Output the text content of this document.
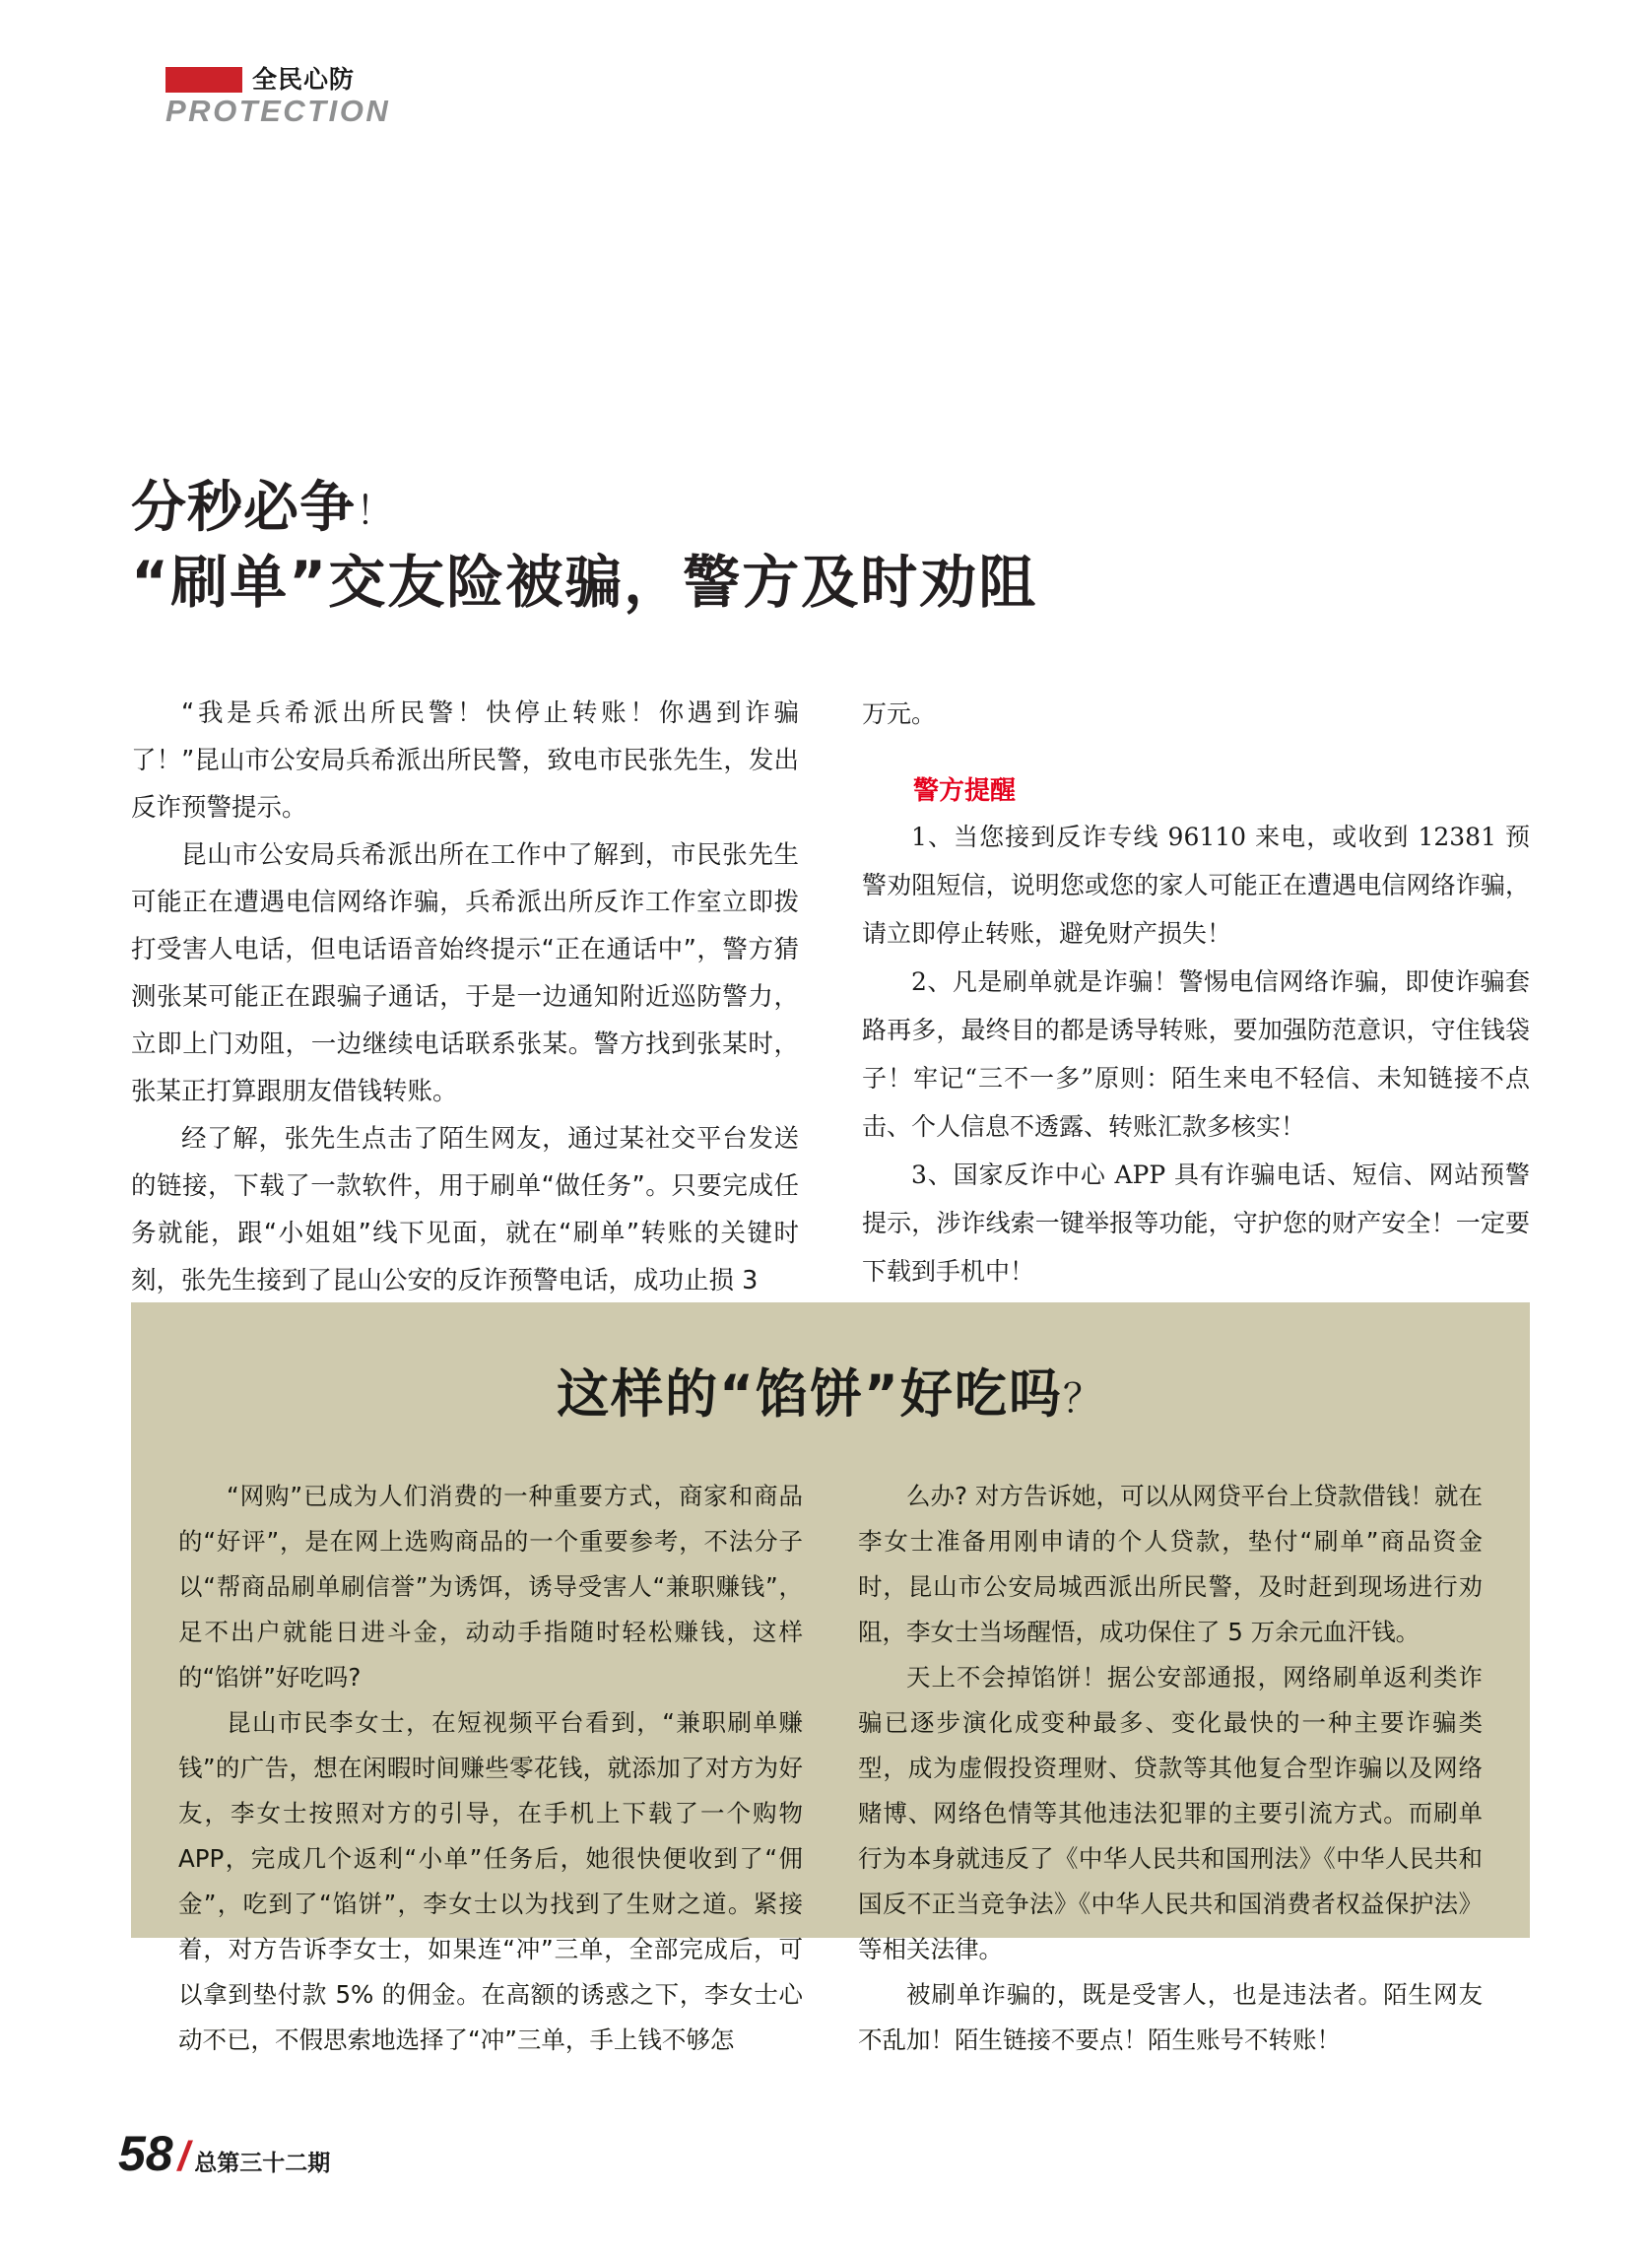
全民心防
PROTECTION
分秒必争！
“刷单”交友险被骗，警方及时劝阻

“我是兵希派出所民警！快停止转账！你遇到诈骗了！”昆山市公安局兵希派出所民警，致电市民张先生，发出反诈预警提示。

昆山市公安局兵希派出所在工作中了解到，市民张先生可能正在遭遇电信网络诈骗，兵希派出所反诈工作室立即拨打受害人电话，但电话语音始终提示“正在通话中”，警方猜测张某可能正在跟骗子通话，于是一边通知附近巡防警力，立即上门劝阻，一边继续电话联系张某。警方找到张某时，张某正打算跟朋友借钱转账。

经了解，张先生点击了陌生网友，通过某社交平台发送的链接，下载了一款软件，用于刷单“做任务”。只要完成任务就能，跟“小姐姐”线下见面，就在“刷单”转账的关键时刻，张先生接到了昆山公安的反诈预警电话，成功止损 3

万元。

警方提醒

1、当您接到反诈专线 96110 来电，或收到 12381 预警劝阻短信，说明您或您的家人可能正在遭遇电信网络诈骗，请立即停止转账，避免财产损失！

2、凡是刷单就是诈骗！警惕电信网络诈骗，即使诈骗套路再多，最终目的都是诱导转账，要加强防范意识，守住钱袋子！牢记“三不一多”原则：陌生来电不轻信、未知链接不点击、个人信息不透露、转账汇款多核实！

3、国家反诈中心 APP 具有诈骗电话、短信、网站预警提示，涉诈线索一键举报等功能，守护您的财产安全！一定要下载到手机中！

这样的“馅饼”好吃吗？

“网购”已成为人们消费的一种重要方式，商家和商品的“好评”，是在网上选购商品的一个重要参考，不法分子以“帮商品刷单刷信誉”为诱饵，诱导受害人“兼职赚钱”，足不出户就能日进斗金，动动手指随时轻松赚钱，这样的“馅饼”好吃吗?

昆山市民李女士，在短视频平台看到，“兼职刷单赚钱”的广告，想在闲暇时间赚些零花钱，就添加了对方为好友，李女士按照对方的引导，在手机上下载了一个购物APP，完成几个返利“小单”任务后，她很快便收到了“佣金”，吃到了“馅饼”，李女士以为找到了生财之道。紧接着，对方告诉李女士，如果连“冲”三单，全部完成后，可以拿到垫付款 5% 的佣金。在高额的诱惑之下，李女士心动不已，不假思索地选择了“冲”三单，手上钱不够怎

么办? 对方告诉她，可以从网贷平台上贷款借钱！就在李女士准备用刚申请的个人贷款，垫付“刷单”商品资金时，昆山市公安局城西派出所民警，及时赶到现场进行劝阻，李女士当场醒悟，成功保住了 5 万余元血汗钱。

天上不会掉馅饼！据公安部通报，网络刷单返利类诈骗已逐步演化成变种最多、变化最快的一种主要诈骗类型，成为虚假投资理财、贷款等其他复合型诈骗以及网络赌博、网络色情等其他违法犯罪的主要引流方式。而刷单行为本身就违反了《中华人民共和国刑法》《中华人民共和国反不正当竞争法》《中华人民共和国消费者权益保护法》等相关法律。

被刷单诈骗的，既是受害人，也是违法者。陌生网友不乱加！陌生链接不要点！陌生账号不转账！

58 / 总第三十二期
